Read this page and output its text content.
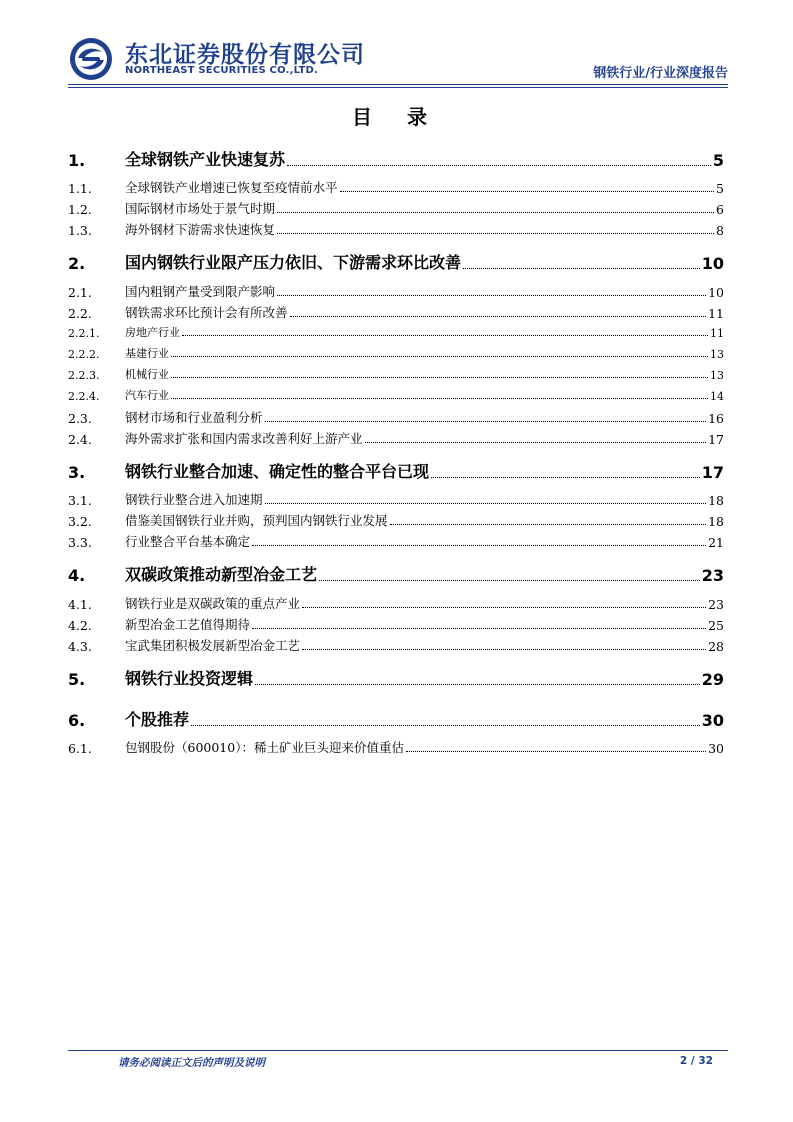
东北证券股份有限公司
NORTHEAST SECURITIES CO.,LTD.	钢铁行业/行业深度报告
目 录
1.	全球钢铁产业快速复苏	5
1.1.	全球钢铁产业增速已恢复至疫情前水平	5
1.2.	国际钢材市场处于景气时期	6
1.3.	海外钢材下游需求快速恢复	8
2.	国内钢铁行业限产压力依旧、下游需求环比改善	10
2.1.	国内粗钢产量受到限产影响	10
2.2.	钢铁需求环比预计会有所改善	11
2.2.1.	房地产行业	11
2.2.2.	基建行业	13
2.2.3.	机械行业	13
2.2.4.	汽车行业	14
2.3.	钢材市场和行业盈利分析	16
2.4.	海外需求扩张和国内需求改善利好上游产业	17
3.	钢铁行业整合加速、确定性的整合平台已现	17
3.1.	钢铁行业整合进入加速期	18
3.2.	借鉴美国钢铁行业并购，预判国内钢铁行业发展	18
3.3.	行业整合平台基本确定	21
4.	双碳政策推动新型冶金工艺	23
4.1.	钢铁行业是双碳政策的重点产业	23
4.2.	新型冶金工艺值得期待	25
4.3.	宝武集团积极发展新型冶金工艺	28
5.	钢铁行业投资逻辑	29
6.	个股推荐	30
6.1.	包钢股份（600010）：稀土矿业巨头迎来价值重估	30
请务必阅读正文后的声明及说明	2 / 32
